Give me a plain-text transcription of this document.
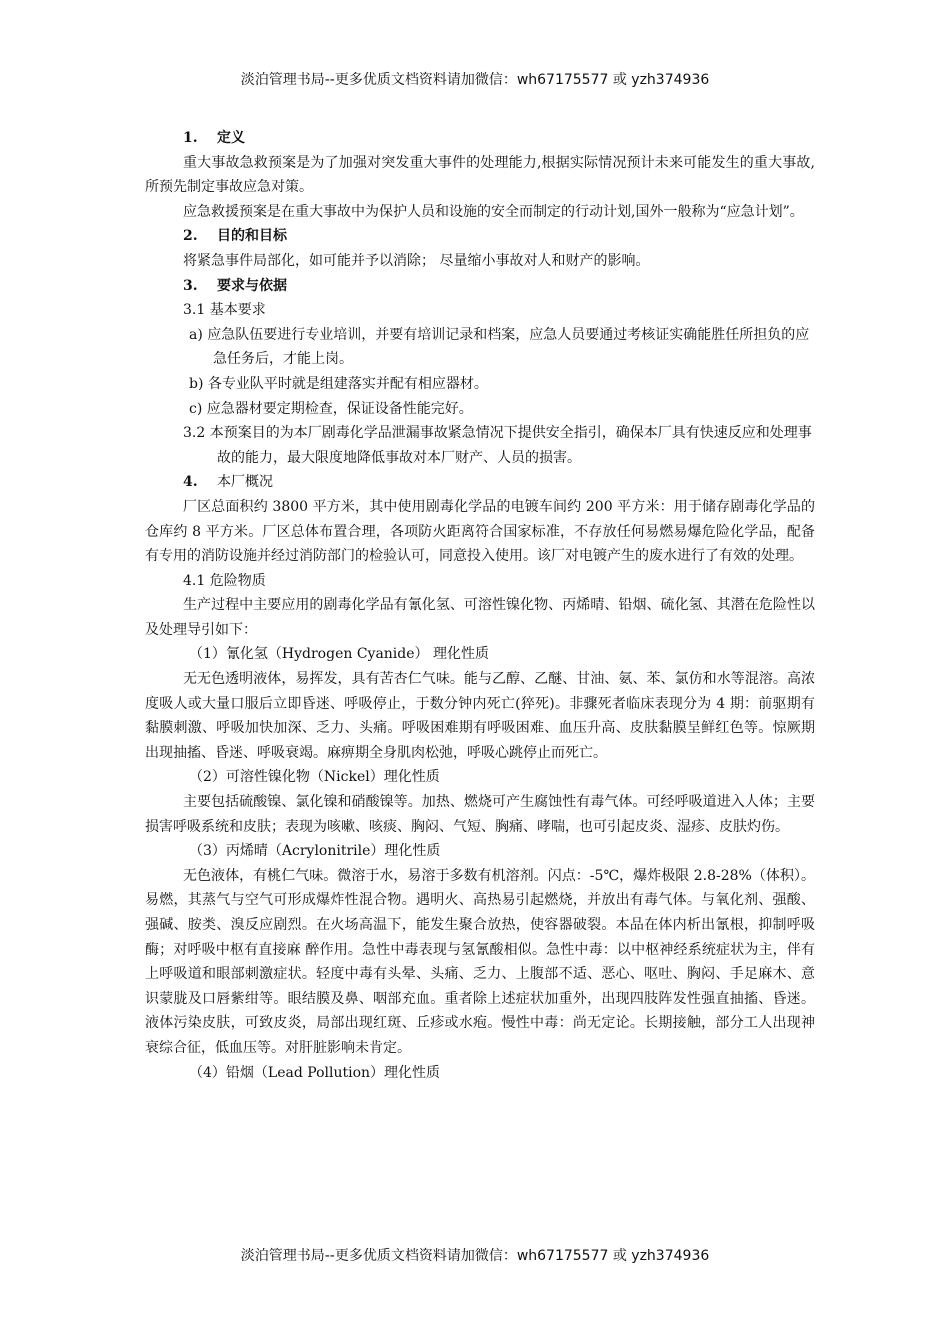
淡泊管理书局--更多优质文档资料请加微信：wh67175577 或 yzh374936

1. 定义

重大事故急救预案是为了加强对突发重大事件的处理能力,根据实际情况预计未来可能发生的重大事故,所预先制定事故应急对策。

应急救援预案是在重大事故中为保护人员和设施的安全而制定的行动计划,国外一般称为“应急计划”。

2. 目的和目标

将紧急事件局部化，如可能并予以消除； 尽量缩小事故对人和财产的影响。

3. 要求与依据

3.1 基本要求

a) 应急队伍要进行专业培训，并要有培训记录和档案，应急人员要通过考核证实确能胜任所担负的应急任务后，才能上岗。

b) 各专业队平时就是组建落实并配有相应器材。

c) 应急器材要定期检查，保证设备性能完好。

3.2 本预案目的为本厂剧毒化学品泄漏事故紧急情况下提供安全指引，确保本厂具有快速反应和处理事故的能力，最大限度地降低事故对本厂财产、人员的损害。

4. 本厂概况

厂区总面积约 3800 平方米，其中使用剧毒化学品的电镀车间约 200 平方米：用于储存剧毒化学品的仓库约 8 平方米。厂区总体布置合理，各项防火距离符合国家标准，不存放任何易燃易爆危险化学品，配备有专用的消防设施并经过消防部门的检验认可，同意投入使用。该厂对电镀产生的废水进行了有效的处理。

4.1 危险物质

生产过程中主要应用的剧毒化学品有氰化氢、可溶性镍化物、丙烯晴、铅烟、硫化氢、其潜在危险性以及处理导引如下：

（1）氰化氢（Hydrogen Cyanide） 理化性质

无无色透明液体，易挥发，具有苦杏仁气味。能与乙醇、乙醚、甘油、氨、苯、氯仿和水等混溶。高浓度吸人或大量口服后立即昏迷、呼吸停止，于数分钟内死亡(猝死)。非骤死者临床表现分为 4 期：前驱期有黏膜刺激、呼吸加快加深、乏力、头痛。呼吸困难期有呼吸困难、血压升高、皮肤黏膜呈鲜红色等。惊厥期出现抽搐、昏迷、呼吸衰竭。麻痹期全身肌肉松弛，呼吸心跳停止而死亡。

（2）可溶性镍化物（Nickel）理化性质

主要包括硫酸镍、氯化镍和硝酸镍等。加热、燃烧可产生腐蚀性有毒气体。可经呼吸道进入人体；主要损害呼吸系统和皮肤；表现为咳嗽、咳痰、胸闷、气短、胸痛、哮喘，也可引起皮炎、湿疹、皮肤灼伤。

（3）丙烯晴（Acrylonitrile）理化性质

无色液体，有桃仁气味。微溶于水，易溶于多数有机溶剂。闪点：-5℃，爆炸极限 2.8-28%（体积）。易燃，其蒸气与空气可形成爆炸性混合物。遇明火、高热易引起燃烧，并放出有毒气体。与氧化剂、强酸、强碱、胺类、溴反应剧烈。在火场高温下，能发生聚合放热，使容器破裂。本品在体内析出氰根，抑制呼吸酶；对呼吸中枢有直接麻 醉作用。急性中毒表现与氢氰酸相似。急性中毒：以中枢神经系统症状为主，伴有上呼吸道和眼部刺激症状。轻度中毒有头晕、头痛、乏力、上腹部不适、恶心、呕吐、胸闷、手足麻木、意识蒙胧及口唇紫绀等。眼结膜及鼻、咽部充血。重者除上述症状加重外，出现四肢阵发性强直抽搐、昏迷。液体污染皮肤，可致皮炎，局部出现红斑、丘疹或水疱。慢性中毒：尚无定论。长期接触，部分工人出现神衰综合征，低血压等。对肝脏影响未肯定。

（4）铅烟（Lead Pollution）理化性质

淡泊管理书局--更多优质文档资料请加微信：wh67175577 或 yzh374936
